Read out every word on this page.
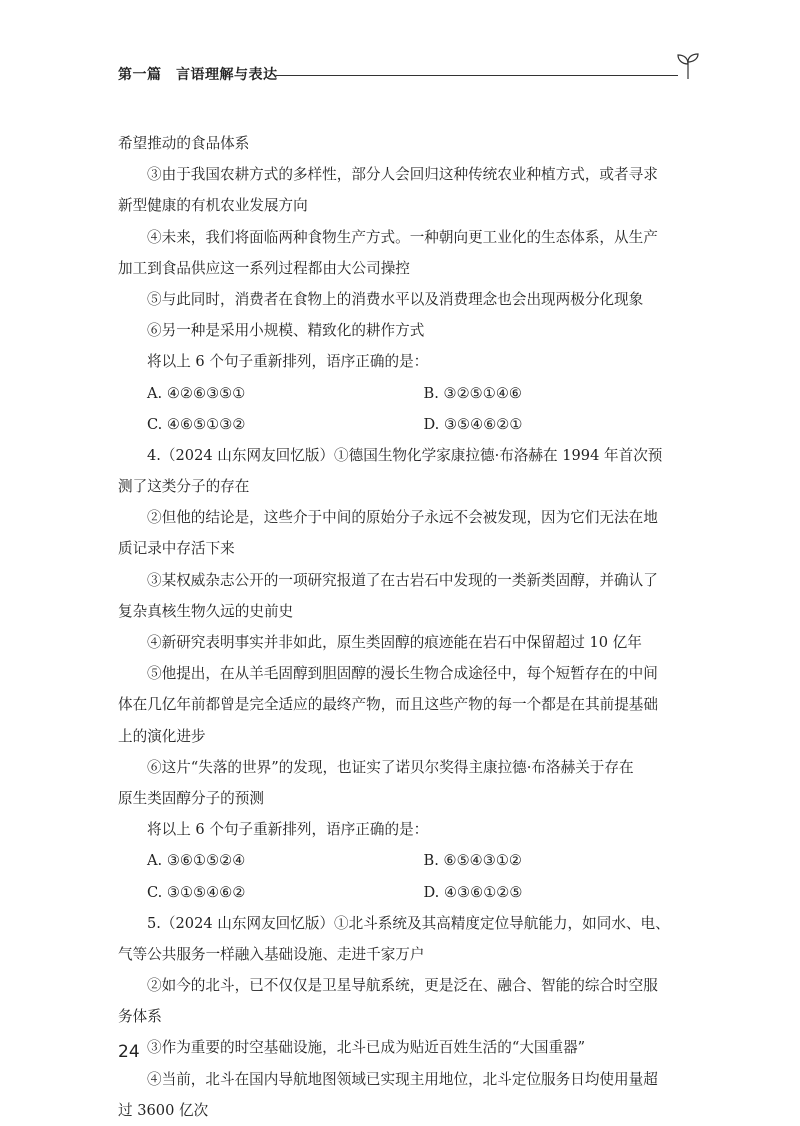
第一篇　言语理解与表达
希望推动的食品体系
③由于我国农耕方式的多样性，部分人会回归这种传统农业种植方式，或者寻求
新型健康的有机农业发展方向
④未来，我们将面临两种食物生产方式。一种朝向更工业化的生态体系，从生产
加工到食品供应这一系列过程都由大公司操控
⑤与此同时，消费者在食物上的消费水平以及消费理念也会出现两极分化现象
⑥另一种是采用小规模、精致化的耕作方式
将以上 6 个句子重新排列，语序正确的是：
A. ④②⑥③⑤①	B. ③②⑤①④⑥
C. ④⑥⑤①③②	D. ③⑤④⑥②①
4.（2024 山东网友回忆版）①德国生物化学家康拉德·布洛赫在 1994 年首次预
测了这类分子的存在
②但他的结论是，这些介于中间的原始分子永远不会被发现，因为它们无法在地
质记录中存活下来
③某权威杂志公开的一项研究报道了在古岩石中发现的一类新类固醇，并确认了
复杂真核生物久远的史前史
④新研究表明事实并非如此，原生类固醇的痕迹能在岩石中保留超过 10 亿年
⑤他提出，在从羊毛固醇到胆固醇的漫长生物合成途径中，每个短暂存在的中间
体在几亿年前都曾是完全适应的最终产物，而且这些产物的每一个都是在其前提基础
上的演化进步
⑥这片“失落的世界”的发现，也证实了诺贝尔奖得主康拉德·布洛赫关于存在
原生类固醇分子的预测
将以上 6 个句子重新排列，语序正确的是：
A. ③⑥①⑤②④	B. ⑥⑤④③①②
C. ③①⑤④⑥②	D. ④③⑥①②⑤
5.（2024 山东网友回忆版）①北斗系统及其高精度定位导航能力，如同水、电、
气等公共服务一样融入基础设施、走进千家万户
②如今的北斗，已不仅仅是卫星导航系统，更是泛在、融合、智能的综合时空服
务体系
③作为重要的时空基础设施，北斗已成为贴近百姓生活的“大国重器”
④当前，北斗在国内导航地图领域已实现主用地位，北斗定位服务日均使用量超
过 3600 亿次
24
